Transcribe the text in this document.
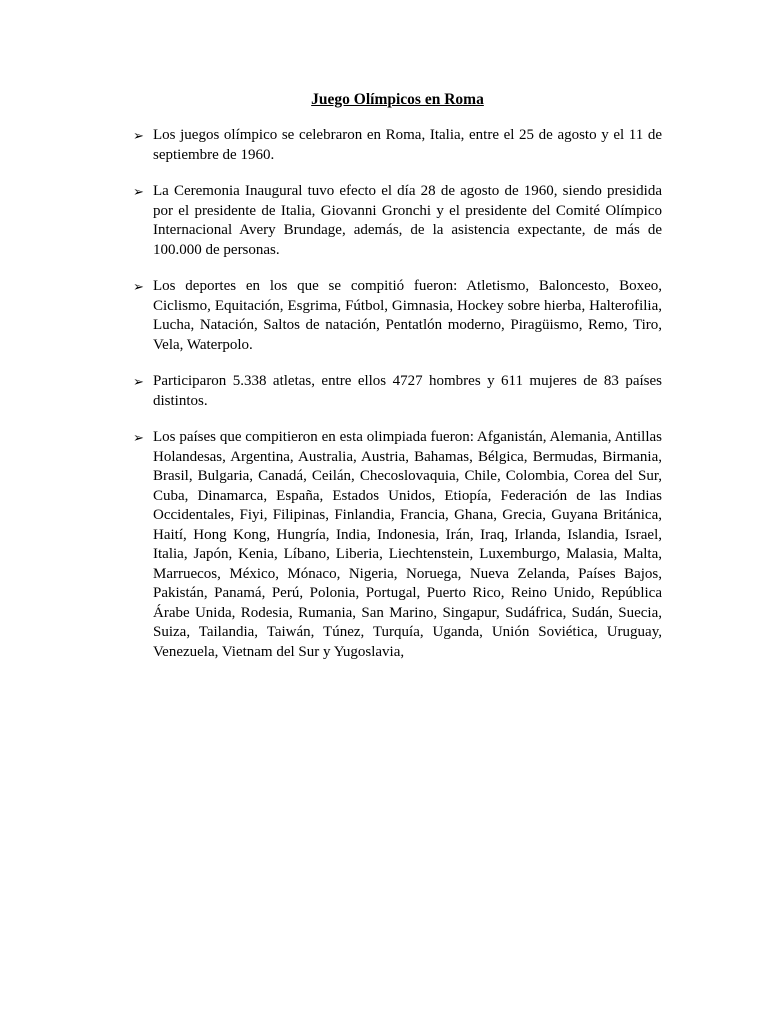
Juego Olímpicos en Roma
➢ Los juegos olímpico se celebraron en Roma, Italia, entre el 25 de agosto y el 11 de septiembre de 1960.

➢ La Ceremonia Inaugural tuvo efecto el día 28 de agosto de 1960, siendo presidida por el presidente de Italia, Giovanni Gronchi y el presidente del Comité Olímpico Internacional Avery Brundage, además, de la asistencia expectante, de más de 100.000 de personas.

➢ Los deportes en los que se compitió fueron: Atletismo, Baloncesto, Boxeo, Ciclismo, Equitación, Esgrima, Fútbol, Gimnasia, Hockey sobre hierba, Halterofilia, Lucha, Natación, Saltos de natación, Pentatlón moderno, Piragüismo, Remo, Tiro, Vela, Waterpolo.

➢ Participaron 5.338 atletas, entre ellos 4727 hombres y 611 mujeres de 83 países distintos.

➢ Los países que compitieron en esta olimpiada fueron: Afganistán, Alemania, Antillas Holandesas, Argentina, Australia, Austria, Bahamas, Bélgica, Bermudas, Birmania, Brasil, Bulgaria, Canadá, Ceilán, Checoslovaquia, Chile, Colombia, Corea del Sur, Cuba, Dinamarca, España, Estados Unidos, Etiopía, Federación de las Indias Occidentales, Fiyi, Filipinas, Finlandia, Francia, Ghana, Grecia, Guyana Británica, Haití, Hong Kong, Hungría, India, Indonesia, Irán, Iraq, Irlanda, Islandia, Israel, Italia, Japón, Kenia, Líbano, Liberia, Liechtenstein, Luxemburgo, Malasia, Malta, Marruecos, México, Mónaco, Nigeria, Noruega, Nueva Zelanda, Países Bajos, Pakistán, Panamá, Perú, Polonia, Portugal, Puerto Rico, Reino Unido, República Árabe Unida, Rodesia, Rumania, San Marino, Singapur, Sudáfrica, Sudán, Suecia, Suiza, Tailandia, Taiwán, Túnez, Turquía, Uganda, Unión Soviética, Uruguay, Venezuela, Vietnam del Sur y Yugoslavia,
